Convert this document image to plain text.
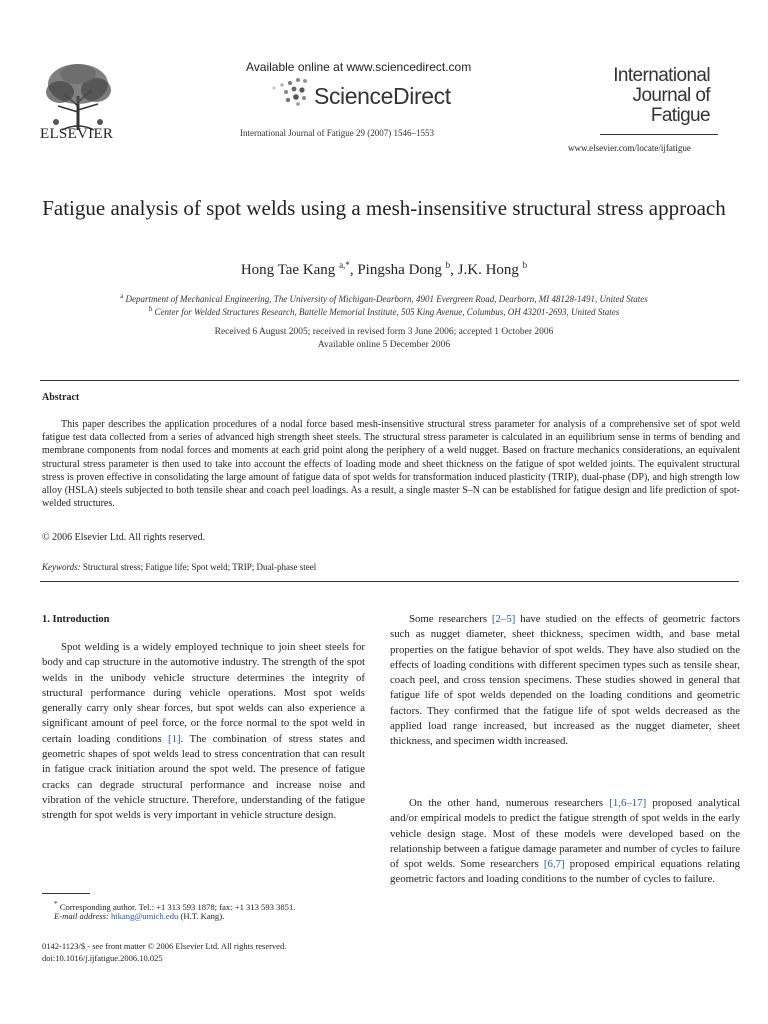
ELSEVIER
Available online at www.sciencedirect.com
ScienceDirect
International Journal of Fatigue 29 (2007) 1546–1553
International
Journal of
Fatigue
www.elsevier.com/locate/ijfatigue
Fatigue analysis of spot welds using a mesh-insensitive structural stress approach
Hong Tae Kang $^{a,*}$, Pingsha Dong $^b$, J.K. Hong $^b$
$^a$ Department of Mechanical Engineering, The University of Michigan-Dearborn, 4901 Evergreen Road, Dearborn, MI 48128-1491, United States
$^b$ Center for Welded Structures Research, Battelle Memorial Institute, 505 King Avenue, Columbus, OH 43201-2693, United States
Received 6 August 2005; received in revised form 3 June 2006; accepted 1 October 2006
Available online 5 December 2006
Abstract
This paper describes the application procedures of a nodal force based mesh-insensitive structural stress parameter for analysis of a comprehensive set of spot weld fatigue test data collected from a series of advanced high strength sheet steels. The structural stress parameter is calculated in an equilibrium sense in terms of bending and membrane components from nodal forces and moments at each grid point along the periphery of a weld nugget. Based on fracture mechanics considerations, an equivalent structural stress parameter is then used to take into account the effects of loading mode and sheet thickness on the fatigue of spot welded joints. The equivalent structural stress is proven effective in consolidating the large amount of fatigue data of spot welds for transformation induced plasticity (TRIP), dual-phase (DP), and high strength low alloy (HSLA) steels subjected to both tensile shear and coach peel loadings. As a result, a single master S–N can be established for fatigue design and life prediction of spot-welded structures.
© 2006 Elsevier Ltd. All rights reserved.
Keywords: Structural stress; Fatigue life; Spot weld; TRIP; Dual-phase steel
1. Introduction
Spot welding is a widely employed technique to join sheet steels for body and cap structure in the automotive industry. The strength of the spot welds in the unibody vehicle structure determines the integrity of structural performance during vehicle operations. Most spot welds generally carry only shear forces, but spot welds can also experience a significant amount of peel force, or the force normal to the spot weld in certain loading conditions [1]. The combination of stress states and geometric shapes of spot welds lead to stress concentration that can result in fatigue crack initiation around the spot weld. The presence of fatigue cracks can degrade structural performance and increase noise and vibration of the vehicle structure. Therefore, understanding of the fatigue strength for spot welds is very important in vehicle structure design.
Some researchers [2–5] have studied on the effects of geometric factors such as nugget diameter, sheet thickness, specimen width, and base metal properties on the fatigue behavior of spot welds. They have also studied on the effects of loading conditions with different specimen types such as tensile shear, coach peel, and cross tension specimens. These studies showed in general that fatigue life of spot welds depended on the loading conditions and geometric factors. They confirmed that the fatigue life of spot welds decreased as the applied load range increased, but increased as the nugget diameter, sheet thickness, and specimen width increased.
On the other hand, numerous researchers [1,6–17] proposed analytical and/or empirical models to predict the fatigue strength of spot welds in the early vehicle design stage. Most of these models were developed based on the relationship between a fatigue damage parameter and number of cycles to failure of spot welds. Some researchers [6,7] proposed empirical equations relating geometric factors and loading conditions to the number of cycles to failure.
* Corresponding author. Tel.: +1 313 593 1878; fax: +1 313 593 3851.
E-mail address: htkang@umich.edu (H.T. Kang).
0142-1123/$ - see front matter © 2006 Elsevier Ltd. All rights reserved.
doi:10.1016/j.ijfatigue.2006.10.025
